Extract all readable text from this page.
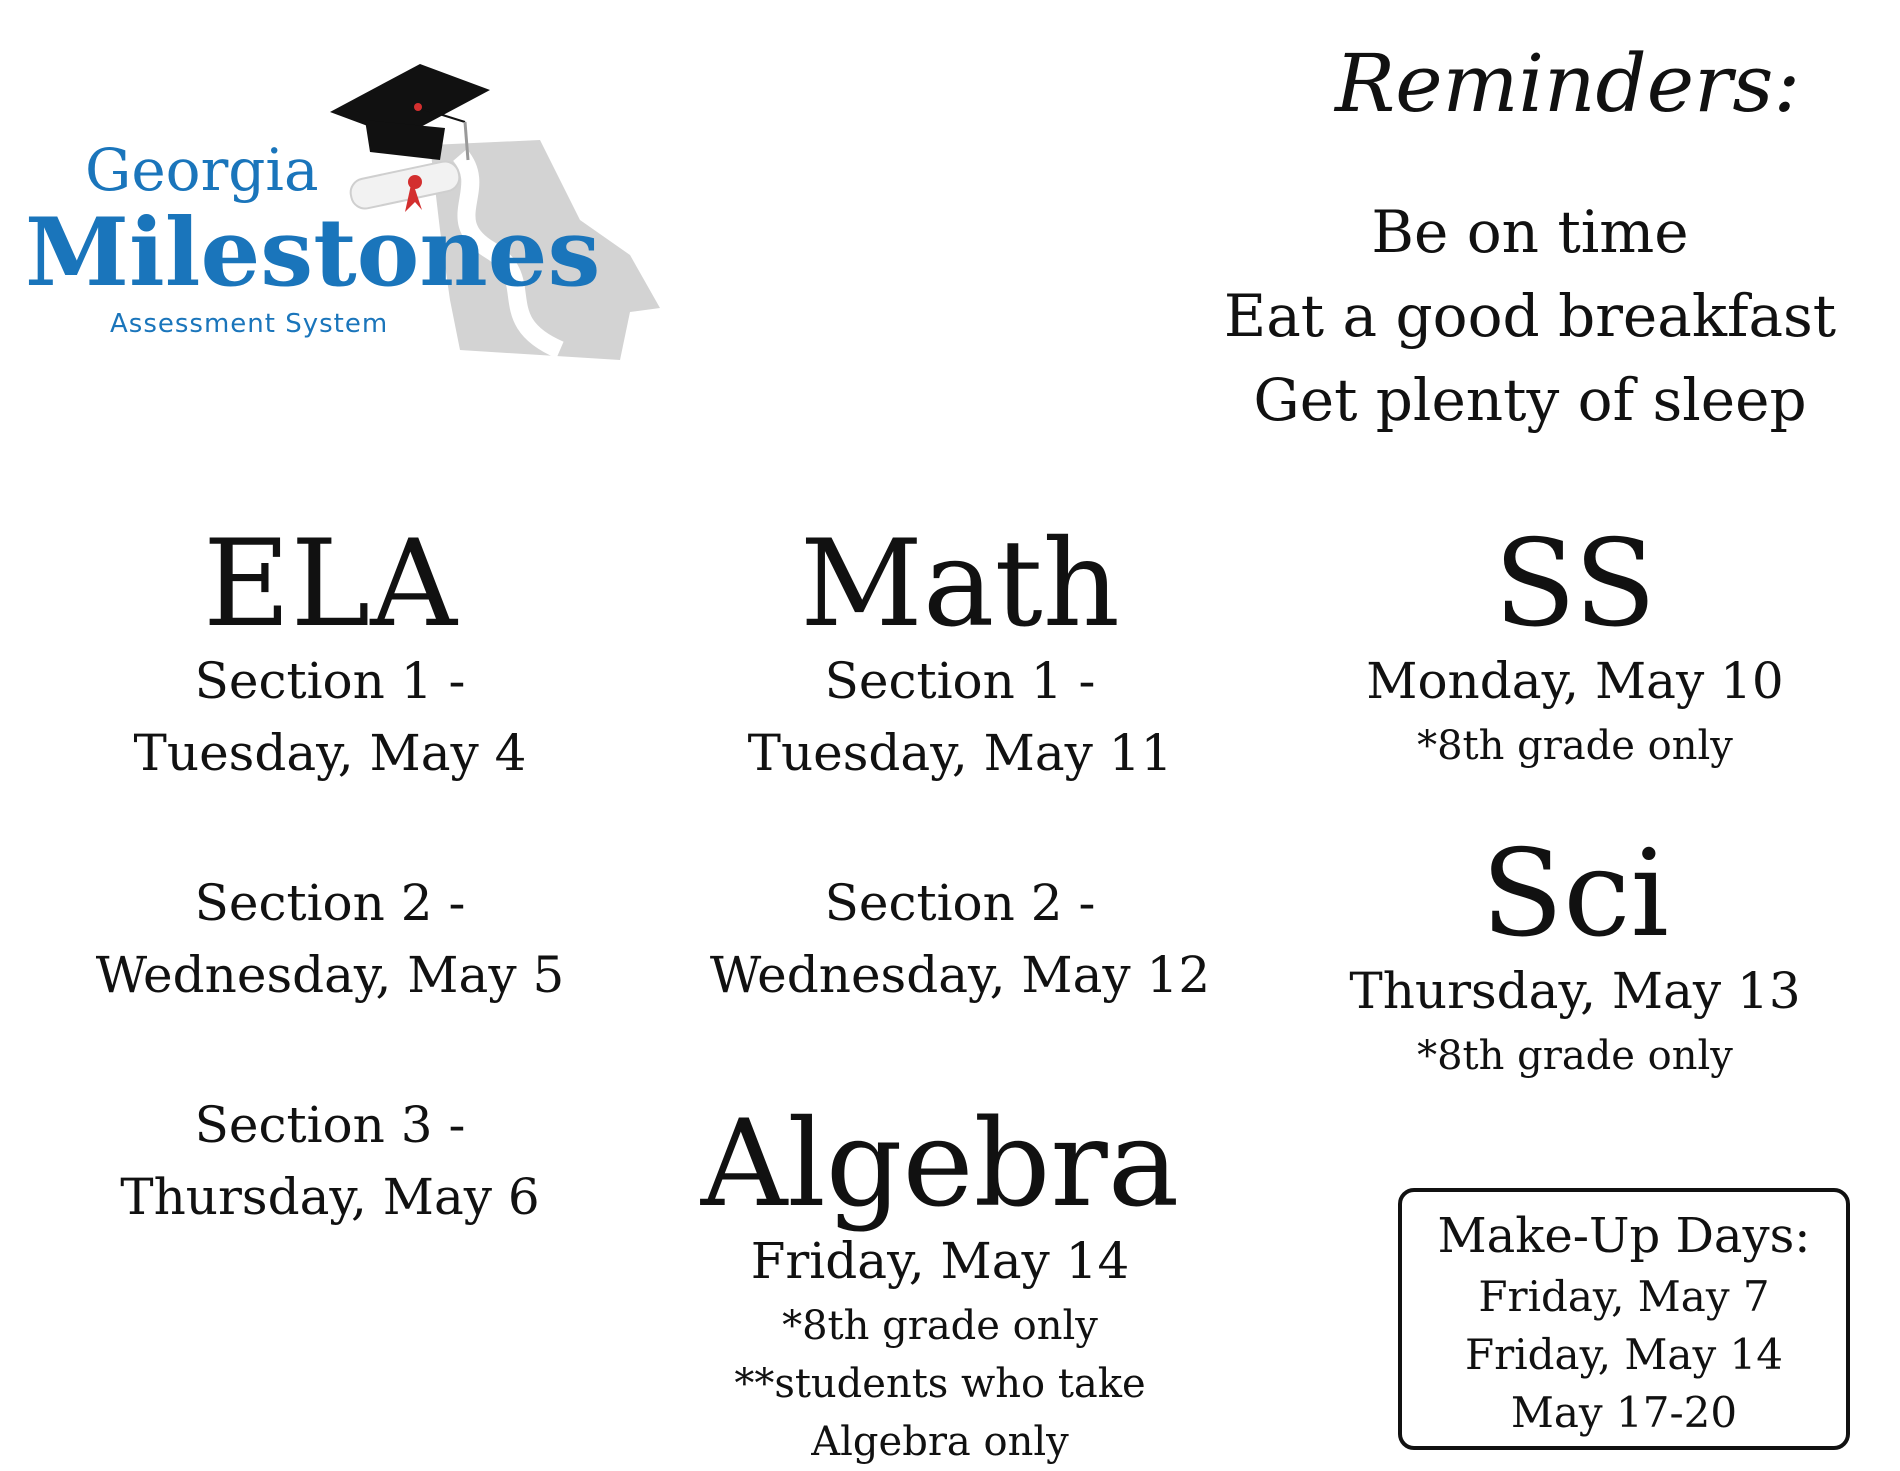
Georgia
Milestones
Assessment System
Reminders:
Be on time
Eat a good breakfast
Get plenty of sleep
ELA
Section 1 -
Tuesday, May 4
Section 2 -
Wednesday, May 5
Section 3 -
Thursday, May 6
Math
Section 1 -
Tuesday, May 11
Section 2 -
Wednesday, May 12
SS
Monday, May 10
*8th grade only
Sci
Thursday, May 13
*8th grade only
Algebra
Friday, May 14
*8th grade only
**students who take
Algebra only
Make-Up Days:
Friday, May 7
Friday, May 14
May 17-20
